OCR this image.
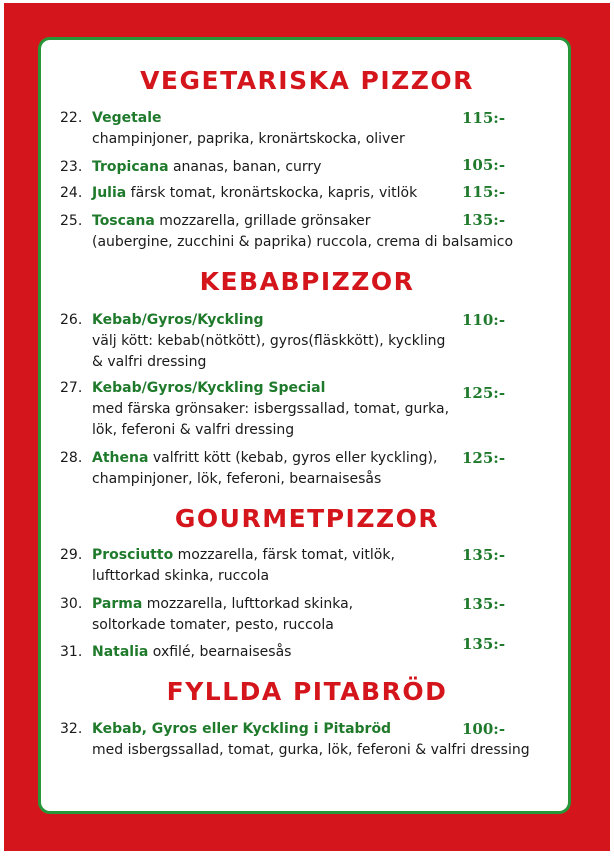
VEGETARISKA PIZZOR
22. Vegetale
champinjoner, paprika, kronärtskocka, oliver
115:-
23. Tropicana ananas, banan, curry	105:-
24. Julia färsk tomat, kronärtskocka, kapris, vitlök	115:-
25. Toscana mozzarella, grillade grönsaker
(aubergine, zucchini & paprika) ruccola, crema di balsamico
135:-
KEBABPIZZOR
26. Kebab/Gyros/Kyckling
välj kött: kebab(nötkött), gyros(fläskkött), kyckling
& valfri dressing
110:-
27. Kebab/Gyros/Kyckling Special
med färska grönsaker: isbergssallad, tomat, gurka,
lök, feferoni & valfri dressing
125:-
28. Athena valfritt kött (kebab, gyros eller kyckling),
champinjoner, lök, feferoni, bearnaisesås
125:-
GOURMETPIZZOR
29. Prosciutto mozzarella, färsk tomat, vitlök,
lufttorkad skinka, ruccola
135:-
30. Parma mozzarella, lufttorkad skinka,
soltorkade tomater, pesto, ruccola
135:-
31. Natalia oxfilé, bearnaisesås	135:-
FYLLDA PITABRÖD
32. Kebab, Gyros eller Kyckling i Pitabröd
med isbergssallad, tomat, gurka, lök, feferoni & valfri dressing
100:-
